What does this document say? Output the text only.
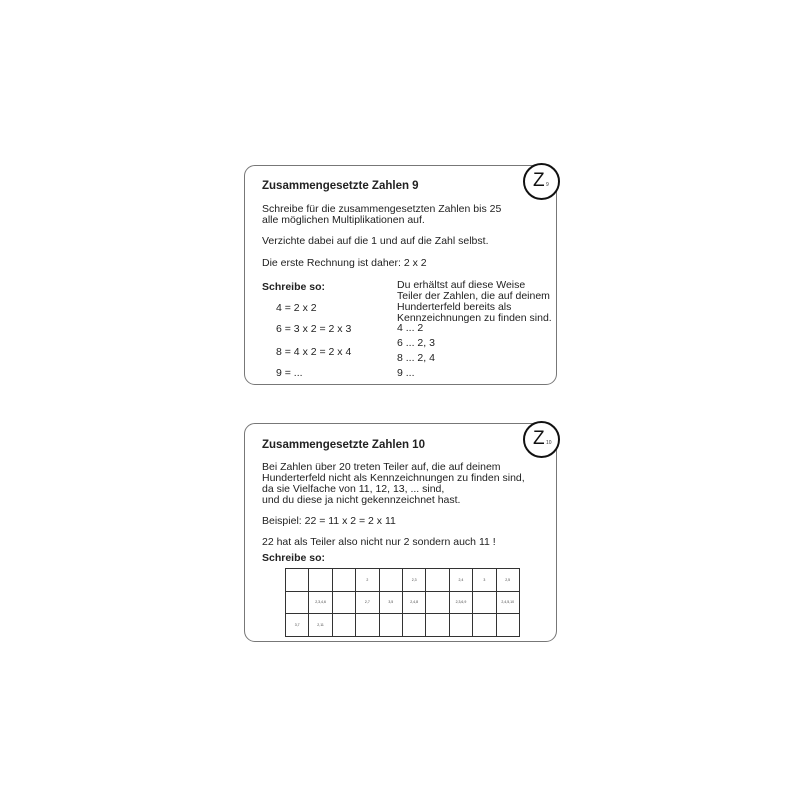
Z 9
Zusammengesetzte Zahlen 9
Schreibe für die zusammengesetzten Zahlen bis 25
alle möglichen Multiplikationen auf.
Verzichte dabei auf die 1 und auf die Zahl selbst.
Die erste Rechnung ist daher: 2 x 2
Schreibe so:
4 = 2 x 2
6 = 3 x 2 = 2 x 3
8 = 4 x 2 = 2 x 4
9 = ...
Du erhältst auf diese Weise
Teiler der Zahlen, die auf deinem
Hunderterfeld bereits als
Kennzeichnungen zu finden sind.
4 ... 2
6 ... 2, 3
8 ... 2, 4
9 ...
Z 10
Zusammengesetzte Zahlen 10
Bei Zahlen über 20 treten Teiler auf, die auf deinem
Hunderterfeld nicht als Kennzeichnungen zu finden sind,
da sie Vielfache von 11, 12, 13, ... sind,
und du diese ja nicht gekennzeichnet hast.
Beispiel: 22 = 11 x 2 = 2 x 11
22 hat als Teiler also nicht nur 2 sondern auch 11 !
Schreibe so:
			2		2,3		2,4	3	2,5
	2,3,4,6		2,7	3,5	2,4,8		2,3,6,9		2,4,5,10
3,7	2,11								
